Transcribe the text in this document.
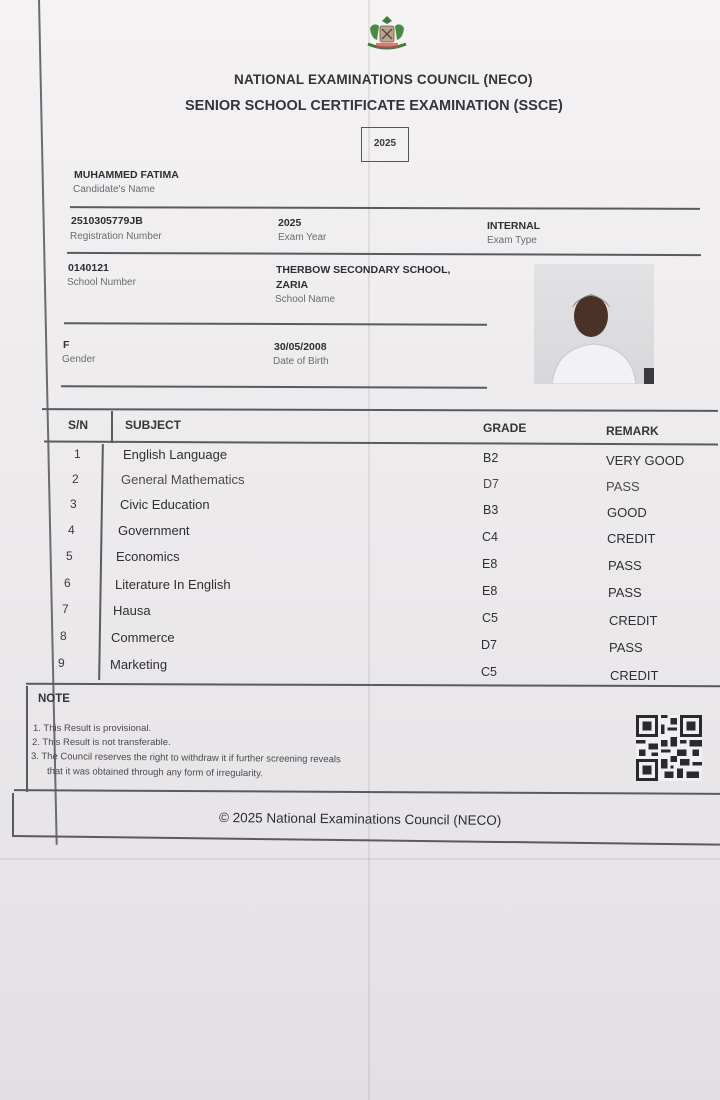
NATIONAL EXAMINATIONS COUNCIL (NECO)
SENIOR SCHOOL CERTIFICATE EXAMINATION (SSCE)
2025
MUHAMMED FATIMA
Candidate's Name
2510305779JB
Registration Number
2025
Exam Year
INTERNAL
Exam Type
0140121
School Number
THERBOW SECONDARY SCHOOL,
ZARIA
School Name
F
Gender
30/05/2008
Date of Birth
S/N	SUBJECT	GRADE	REMARK
1	English Language	B2	VERY GOOD
2	General Mathematics	D7	PASS
3	Civic Education	B3	GOOD
4	Government	C4	CREDIT
5	Economics	E8	PASS
6	Literature In English	E8	PASS
7	Hausa	C5	CREDIT
8	Commerce	D7	PASS
9	Marketing	C5	CREDIT
NOTE
1. This Result is provisional.
2. This Result is not transferable.
3. The Council reserves the right to withdraw it if further screening reveals
that it was obtained through any form of irregularity.
© 2025 National Examinations Council (NECO)
